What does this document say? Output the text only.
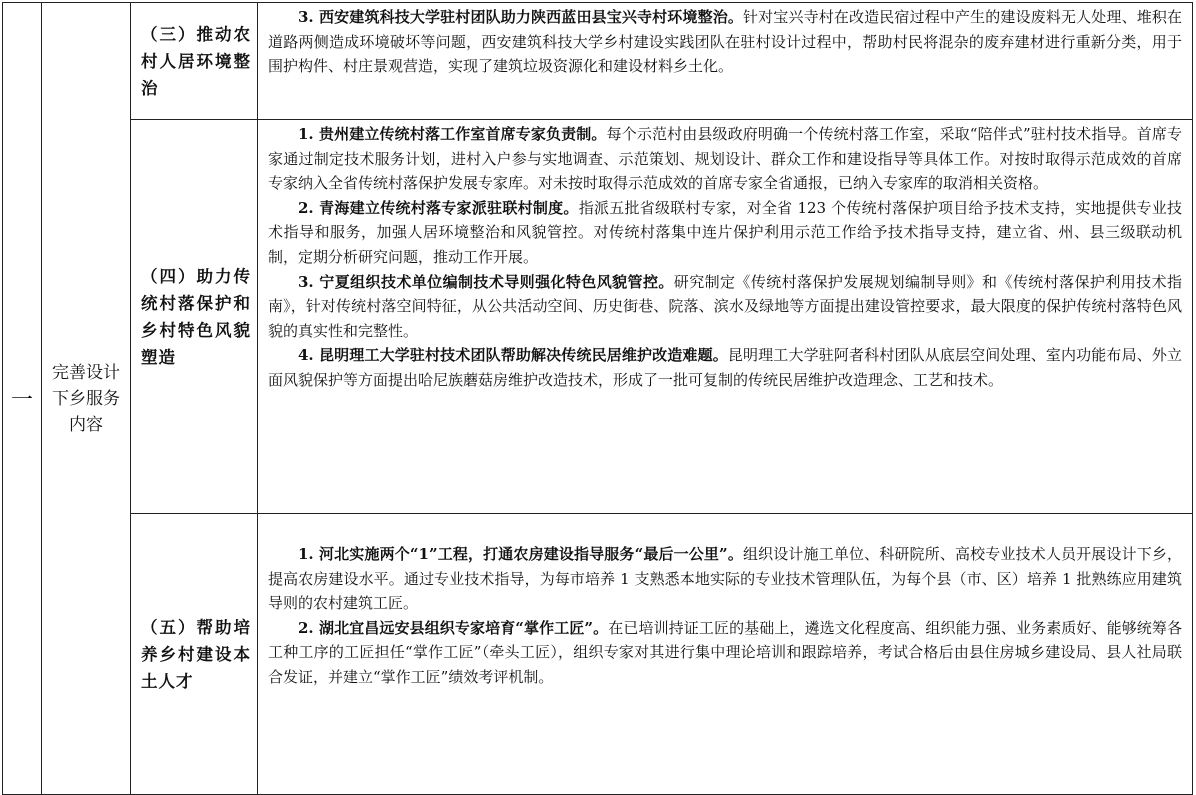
一	完善设计下乡服务内容	（三）推动农村人居环境整治	3. 西安建筑科技大学驻村团队助力陕西蓝田县宝兴寺村环境整治。针对宝兴寺村在改造民宿过程中产生的建设废料无人处理、堆积在道路两侧造成环境破坏等问题，西安建筑科技大学乡村建设实践团队在驻村设计过程中，帮助村民将混杂的废弃建材进行重新分类，用于围护构件、村庄景观营造，实现了建筑垃圾资源化和建设材料乡土化。

		（四）助力传统村落保护和乡村特色风貌塑造	1. 贵州建立传统村落工作室首席专家负责制。每个示范村由县级政府明确一个传统村落工作室，采取“陪伴式”驻村技术指导。首席专家通过制定技术服务计划，进村入户参与实地调查、示范策划、规划设计、群众工作和建设指导等具体工作。对按时取得示范成效的首席专家纳入全省传统村落保护发展专家库。对未按时取得示范成效的首席专家全省通报，已纳入专家库的取消相关资格。

2. 青海建立传统村落专家派驻联村制度。指派五批省级联村专家，对全省 123 个传统村落保护项目给予技术支持，实地提供专业技术指导和服务，加强人居环境整治和风貌管控。对传统村落集中连片保护利用示范工作给予技术指导支持，建立省、州、县三级联动机制，定期分析研究问题，推动工作开展。

3. 宁夏组织技术单位编制技术导则强化特色风貌管控。研究制定《传统村落保护发展规划编制导则》和《传统村落保护利用技术指南》，针对传统村落空间特征，从公共活动空间、历史街巷、院落、滨水及绿地等方面提出建设管控要求，最大限度的保护传统村落特色风貌的真实性和完整性。

4. 昆明理工大学驻村技术团队帮助解决传统民居维护改造难题。昆明理工大学驻阿者科村团队从底层空间处理、室内功能布局、外立面风貌保护等方面提出哈尼族蘑菇房维护改造技术，形成了一批可复制的传统民居维护改造理念、工艺和技术。

		（五）帮助培养乡村建设本土人才	1. 河北实施两个“1”工程，打通农房建设指导服务“最后一公里”。组织设计施工单位、科研院所、高校专业技术人员开展设计下乡，提高农房建设水平。通过专业技术指导，为每市培养 1 支熟悉本地实际的专业技术管理队伍，为每个县（市、区）培养 1 批熟练应用建筑导则的农村建筑工匠。

2. 湖北宜昌远安县组织专家培育“掌作工匠”。在已培训持证工匠的基础上，遴选文化程度高、组织能力强、业务素质好、能够统筹各工种工序的工匠担任“掌作工匠”（牵头工匠），组织专家对其进行集中理论培训和跟踪培养，考试合格后由县住房城乡建设局、县人社局联合发证，并建立“掌作工匠”绩效考评机制。
